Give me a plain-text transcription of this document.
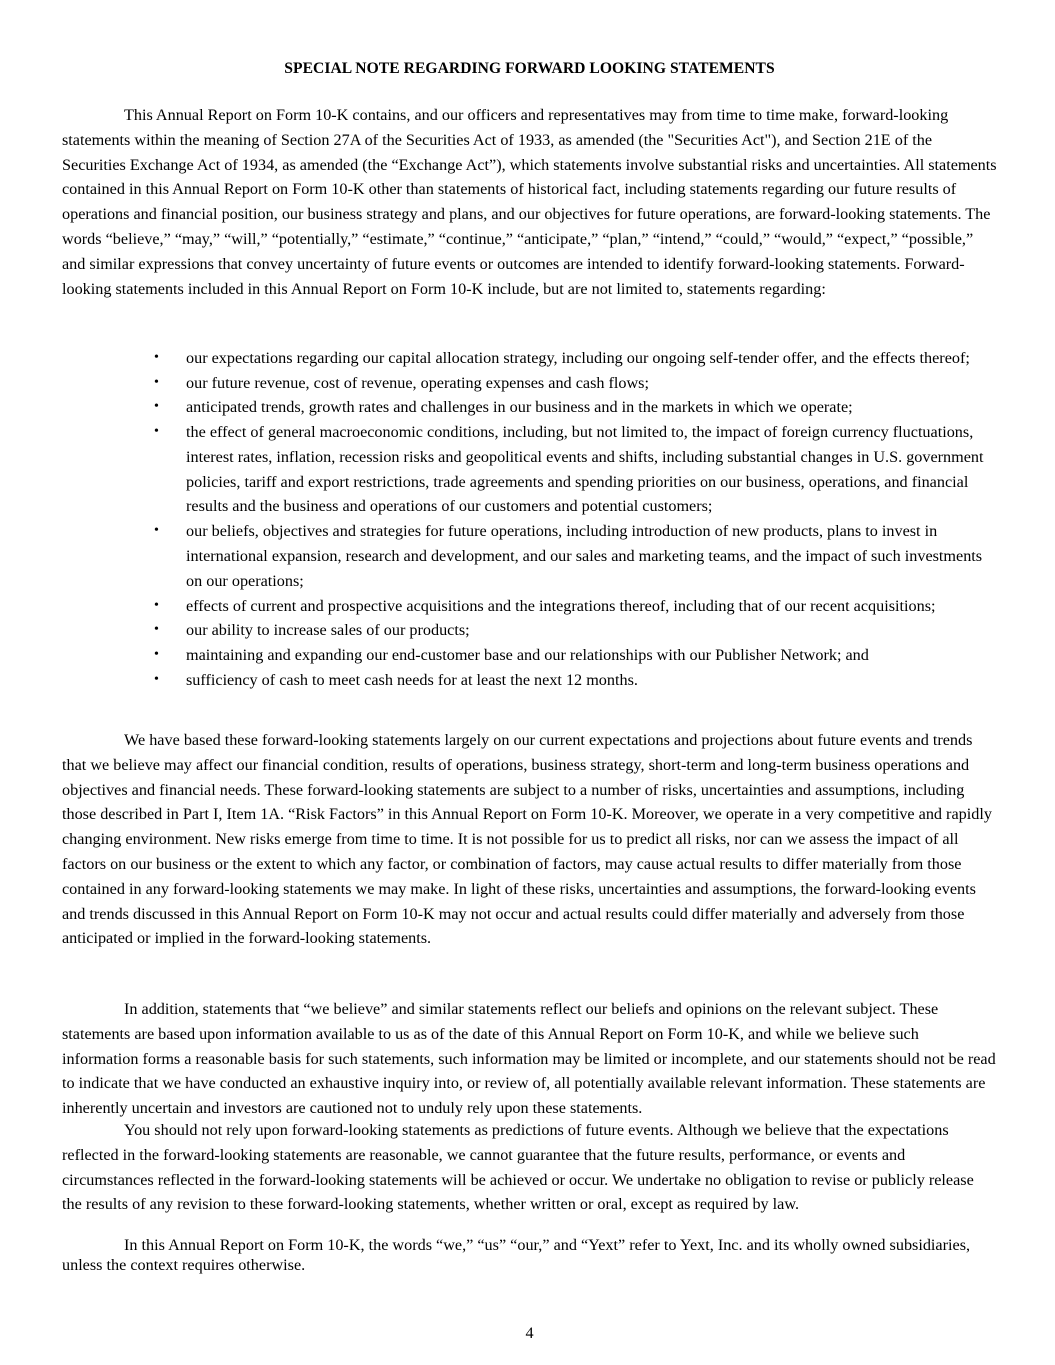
SPECIAL NOTE REGARDING FORWARD LOOKING STATEMENTS

This Annual Report on Form 10-K contains, and our officers and representatives may from time to time make, forward-looking statements within the meaning of Section 27A of the Securities Act of 1933, as amended (the "Securities Act"), and Section 21E of the Securities Exchange Act of 1934, as amended (the “Exchange Act”), which statements involve substantial risks and uncertainties. All statements contained in this Annual Report on Form 10-K other than statements of historical fact, including statements regarding our future results of operations and financial position, our business strategy and plans, and our objectives for future operations, are forward-looking statements. The words “believe,” “may,” “will,” “potentially,” “estimate,” “continue,” “anticipate,” “plan,” “intend,” “could,” “would,” “expect,” “possible,” and similar expressions that convey uncertainty of future events or outcomes are intended to identify forward-looking statements. Forward-looking statements included in this Annual Report on Form 10-K include, but are not limited to, statements regarding:

• our expectations regarding our capital allocation strategy, including our ongoing self-tender offer, and the effects thereof;
• our future revenue, cost of revenue, operating expenses and cash flows;
• anticipated trends, growth rates and challenges in our business and in the markets in which we operate;
• the effect of general macroeconomic conditions, including, but not limited to, the impact of foreign currency fluctuations, interest rates, inflation, recession risks and geopolitical events and shifts, including substantial changes in U.S. government policies, tariff and export restrictions, trade agreements and spending priorities on our business, operations, and financial results and the business and operations of our customers and potential customers;
• our beliefs, objectives and strategies for future operations, including introduction of new products, plans to invest in international expansion, research and development, and our sales and marketing teams, and the impact of such investments on our operations;
• effects of current and prospective acquisitions and the integrations thereof, including that of our recent acquisitions;
• our ability to increase sales of our products;
• maintaining and expanding our end-customer base and our relationships with our Publisher Network; and
• sufficiency of cash to meet cash needs for at least the next 12 months.

We have based these forward-looking statements largely on our current expectations and projections about future events and trends that we believe may affect our financial condition, results of operations, business strategy, short-term and long-term business operations and objectives and financial needs. These forward-looking statements are subject to a number of risks, uncertainties and assumptions, including those described in Part I, Item 1A. “Risk Factors” in this Annual Report on Form 10-K. Moreover, we operate in a very competitive and rapidly changing environment. New risks emerge from time to time. It is not possible for us to predict all risks, nor can we assess the impact of all factors on our business or the extent to which any factor, or combination of factors, may cause actual results to differ materially from those contained in any forward-looking statements we may make. In light of these risks, uncertainties and assumptions, the forward-looking events and trends discussed in this Annual Report on Form 10-K may not occur and actual results could differ materially and adversely from those anticipated or implied in the forward-looking statements.

In addition, statements that “we believe” and similar statements reflect our beliefs and opinions on the relevant subject. These statements are based upon information available to us as of the date of this Annual Report on Form 10-K, and while we believe such information forms a reasonable basis for such statements, such information may be limited or incomplete, and our statements should not be read to indicate that we have conducted an exhaustive inquiry into, or review of, all potentially available relevant information. These statements are inherently uncertain and investors are cautioned not to unduly rely upon these statements.

You should not rely upon forward-looking statements as predictions of future events. Although we believe that the expectations reflected in the forward-looking statements are reasonable, we cannot guarantee that the future results, performance, or events and circumstances reflected in the forward-looking statements will be achieved or occur. We undertake no obligation to revise or publicly release the results of any revision to these forward-looking statements, whether written or oral, except as required by law.

In this Annual Report on Form 10-K, the words “we,” “us” “our,” and “Yext” refer to Yext, Inc. and its wholly owned subsidiaries, unless the context requires otherwise.

4
